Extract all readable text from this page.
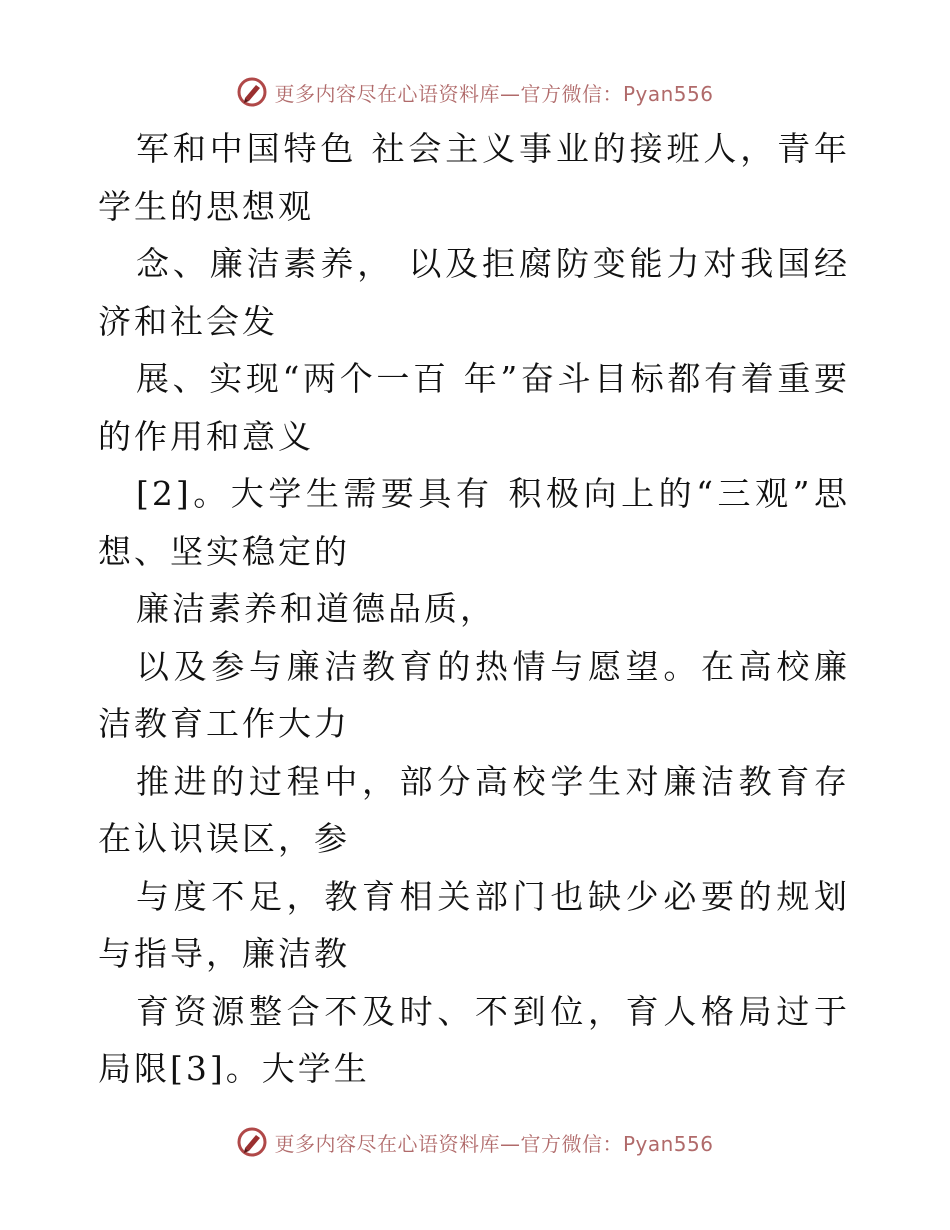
更多内容尽在心语资料库—官方微信：Pyan556

军和中国特色 社会主义事业的接班人，青年学生的思想观

念、廉洁素养， 以及拒腐防变能力对我国经济和社会发

展、实现“两个一百 年”奋斗目标都有着重要的作用和意义

[2]。大学生需要具有 积极向上的“三观”思想、坚实稳定的

廉洁素养和道德品质，

以及参与廉洁教育的热情与愿望。在高校廉洁教育工作大力

推进的过程中，部分高校学生对廉洁教育存在认识误区，参

与度不足，教育相关部门也缺少必要的规划与指导，廉洁教

育资源整合不及时、不到位，育人格局过于局限[3]。大学生

更多内容尽在心语资料库—官方微信：Pyan556
